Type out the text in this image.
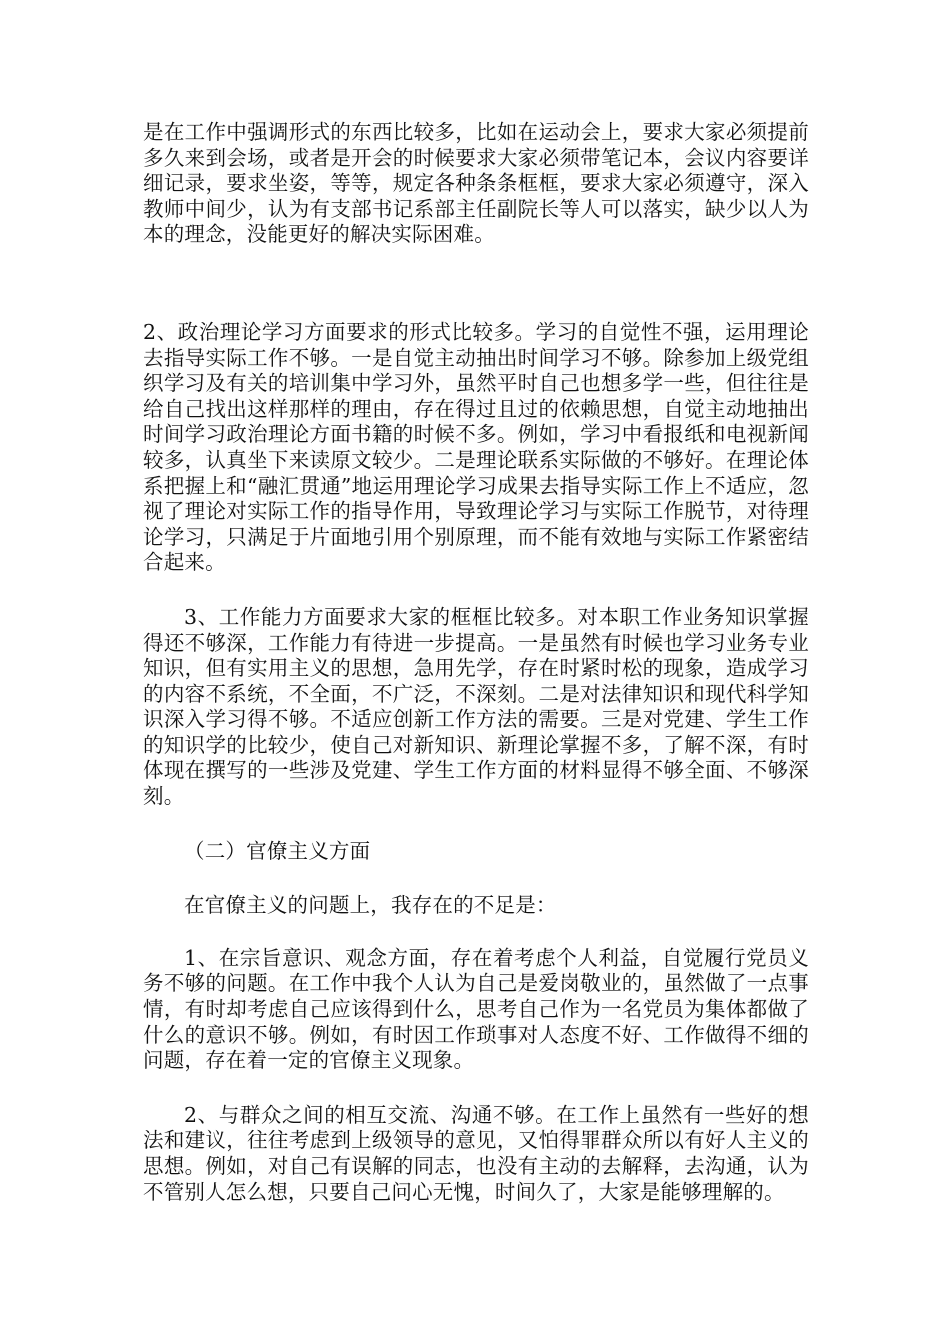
是在工作中强调形式的东西比较多，比如在运动会上，要求大家必须提前多久来到会场，或者是开会的时候要求大家必须带笔记本，会议内容要详细记录，要求坐姿，等等，规定各种条条框框，要求大家必须遵守，深入教师中间少，认为有支部书记系部主任副院长等人可以落实，缺少以人为本的理念，没能更好的解决实际困难。

2、政治理论学习方面要求的形式比较多。学习的自觉性不强，运用理论去指导实际工作不够。一是自觉主动抽出时间学习不够。除参加上级党组织学习及有关的培训集中学习外，虽然平时自己也想多学一些，但往往是给自己找出这样那样的理由，存在得过且过的依赖思想，自觉主动地抽出时间学习政治理论方面书籍的时候不多。例如，学习中看报纸和电视新闻较多，认真坐下来读原文较少。二是理论联系实际做的不够好。在理论体系把握上和“融汇贯通”地运用理论学习成果去指导实际工作上不适应，忽视了理论对实际工作的指导作用，导致理论学习与实际工作脱节，对待理论学习，只满足于片面地引用个别原理，而不能有效地与实际工作紧密结合起来。

3、工作能力方面要求大家的框框比较多。对本职工作业务知识掌握得还不够深，工作能力有待进一步提高。一是虽然有时候也学习业务专业知识，但有实用主义的思想，急用先学，存在时紧时松的现象，造成学习的内容不系统，不全面，不广泛，不深刻。二是对法律知识和现代科学知识深入学习得不够。不适应创新工作方法的需要。三是对党建、学生工作的知识学的比较少，使自己对新知识、新理论掌握不多，了解不深，有时体现在撰写的一些涉及党建、学生工作方面的材料显得不够全面、不够深刻。

（二）官僚主义方面

在官僚主义的问题上，我存在的不足是：

1、在宗旨意识、观念方面，存在着考虑个人利益，自觉履行党员义务不够的问题。在工作中我个人认为自己是爱岗敬业的，虽然做了一点事情，有时却考虑自己应该得到什么，思考自己作为一名党员为集体都做了什么的意识不够。例如，有时因工作琐事对人态度不好、工作做得不细的问题，存在着一定的官僚主义现象。

2、与群众之间的相互交流、沟通不够。在工作上虽然有一些好的想法和建议，往往考虑到上级领导的意见，又怕得罪群众所以有好人主义的思想。例如，对自己有误解的同志，也没有主动的去解释，去沟通，认为不管别人怎么想，只要自己问心无愧，时间久了，大家是能够理解的。
